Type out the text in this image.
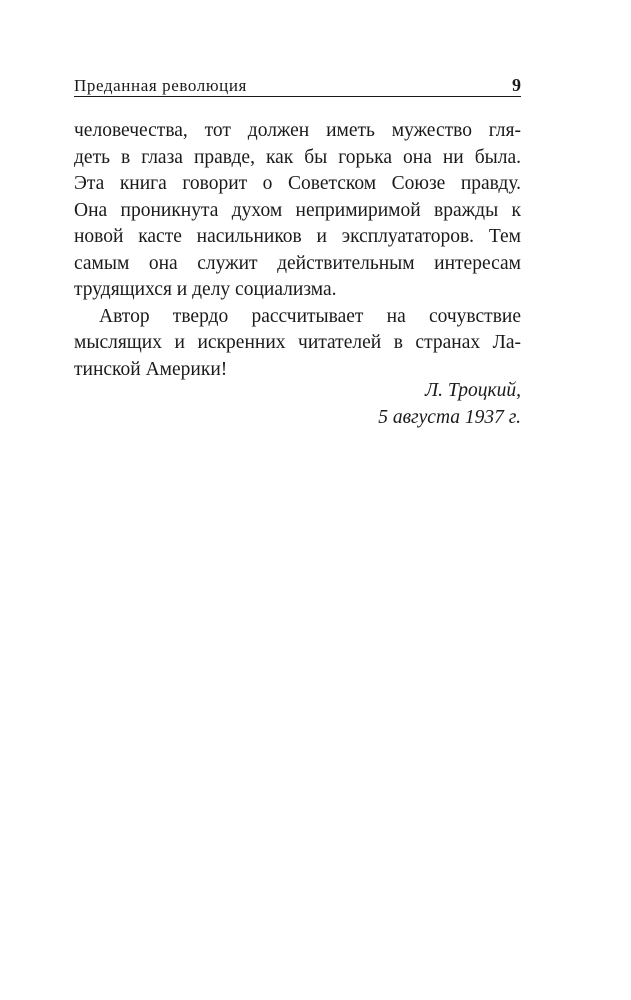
Преданная революция	9
человечества, тот должен иметь мужество гля-
деть в глаза правде, как бы горька она ни была.
Эта книга говорит о Советском Союзе правду.
Она проникнута духом непримиримой вражды к
новой касте насильников и эксплуататоров. Тем
самым она служит действительным интересам
трудящихся и делу социализма.
Автор твердо рассчитывает на сочувствие
мыслящих и искренних читателей в странах Ла-
тинской Америки!
Л. Троцкий,
5 августа 1937 г.
